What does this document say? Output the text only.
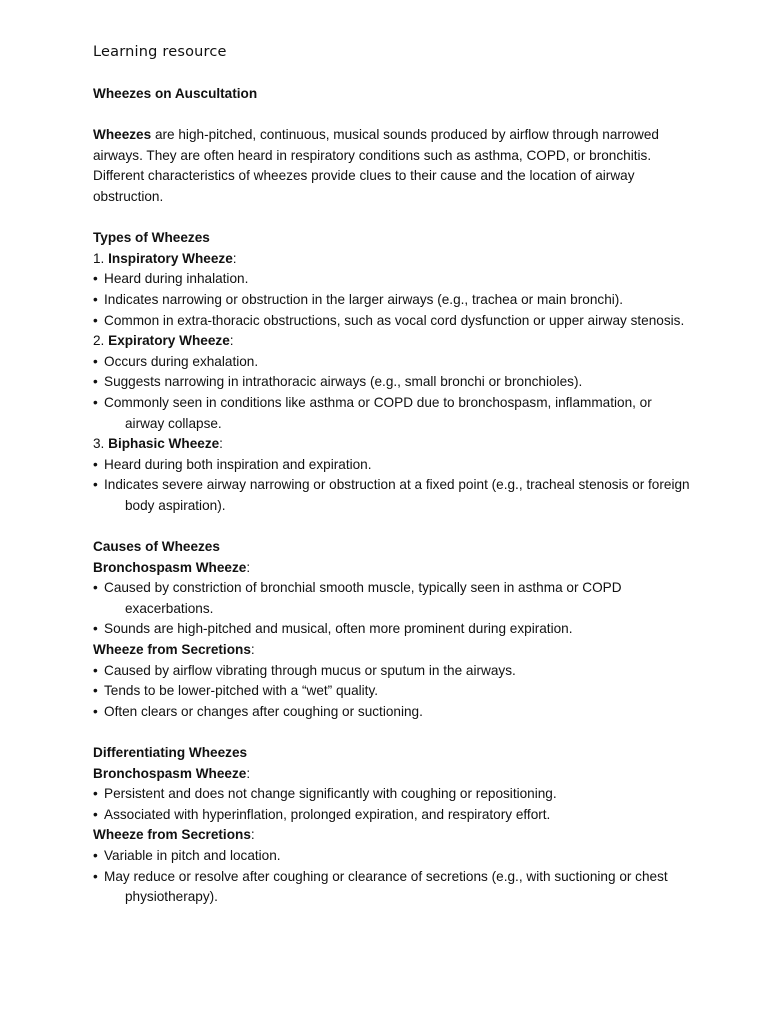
Learning resource
Wheezes on Auscultation

Wheezes are high-pitched, continuous, musical sounds produced by airflow through narrowed airways. They are often heard in respiratory conditions such as asthma, COPD, or bronchitis. Different characteristics of wheezes provide clues to their cause and the location of airway obstruction.

Types of Wheezes
1. Inspiratory Wheeze:

• Heard during inhalation.

• Indicates narrowing or obstruction in the larger airways (e.g., trachea or main bronchi).

• Common in extra-thoracic obstructions, such as vocal cord dysfunction or upper airway stenosis.

2. Expiratory Wheeze:

• Occurs during exhalation.

• Suggests narrowing in intrathoracic airways (e.g., small bronchi or bronchioles).

• Commonly seen in conditions like asthma or COPD due to bronchospasm, inflammation, or airway collapse.

3. Biphasic Wheeze:

• Heard during both inspiration and expiration.

• Indicates severe airway narrowing or obstruction at a fixed point (e.g., tracheal stenosis or foreign body aspiration).

Causes of Wheezes
Bronchospasm Wheeze:

• Caused by constriction of bronchial smooth muscle, typically seen in asthma or COPD exacerbations.

• Sounds are high-pitched and musical, often more prominent during expiration.

Wheeze from Secretions:

• Caused by airflow vibrating through mucus or sputum in the airways.

• Tends to be lower-pitched with a “wet” quality.

• Often clears or changes after coughing or suctioning.

Differentiating Wheezes
Bronchospasm Wheeze:

• Persistent and does not change significantly with coughing or repositioning.

• Associated with hyperinflation, prolonged expiration, and respiratory effort.

Wheeze from Secretions:

• Variable in pitch and location.

• May reduce or resolve after coughing or clearance of secretions (e.g., with suctioning or chest physiotherapy).
